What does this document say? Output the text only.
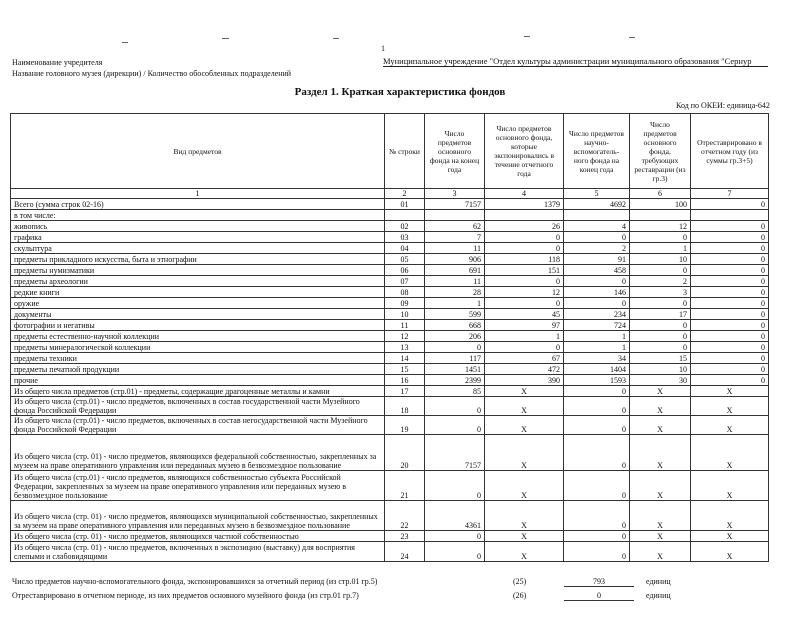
1
Наименование учредителя
Название головного музея (дирекции) / Количество обособленных подразделений
Муниципальное учреждение "Отдел культуры администрации муниципального образования "Сернур
Раздел 1. Краткая характеристика фондов
Код по ОКЕИ: единица-642
Вид предметов	№ строки	Число предметов основного фонда на конец года	Число предметов основного фонда, которые экспонировались в течение отчетного года	Число предметов научно-вспомогатель-ного фонда на конец года	Число предметов основного фонда, требующих реставрации (из гр.3)	Отреставрировано в отчетном году (из суммы гр.3+5)
1	2	3	4	5	6	7
Всего (сумма строк 02-16)	01	7157	1379	4692	100	0
в том числе:						
живопись	02	62	26	4	12	0
графика	03	7	0	0	0	0
скульптура	04	11	0	2	1	0
предметы прикладного искусства, быта и этнографии	05	906	118	91	10	0
предметы нумизматики	06	691	151	458	0	0
предметы археологии	07	11	0	0	2	0
редкие книги	08	28	12	146	3	0
оружие	09	1	0	0	0	0
документы	10	599	45	234	17	0
фотографии и негативы	11	668	97	724	0	0
предметы естественно-научной коллекции	12	206	1	1	0	0
предметы минералогической коллекции	13	0	0	1	0	0
предметы техники	14	117	67	34	15	0
предметы печатной продукции	15	1451	472	1404	10	0
прочие	16	2399	390	1593	30	0
Из общего числа предметов (стр.01) - предметы, содержащие драгоценные металлы и камни	17	85	X	0	X	X
Из общего числа (стр.01) - число предметов, включенных в состав государственной части Музейного фонда Российской Федерации	18	0	X	0	X	X
Из общего числа (стр.01) - число предметов, включенных в состав негосударственной части Музейного фонда Российской Федерации	19	0	X	0	X	X
Из общего числа (стр. 01) - число предметов, являющихся федеральной собственностью, закрепленных за музеем на праве оперативного управления или переданных музею в безвозмездное пользование	20	7157	X	0	X	X
Из общего числа (стр.01) - число предметов, являющихся собственностью субъекта Российской Федерации, закрепленных за музеем на праве оперативного управления или переданных музею в безвозмездное пользование	21	0	X	0	X	X
Из общего числа (стр. 01) - число предметов, являющихся муниципальной собственностью, закрепленных за музеем на праве оперативного управления или переданных музею в безвозмездное пользование	22	4361	X	0	X	X
Из общего числа (стр. 01) - число предметов, являющихся частной собственностью	23	0	X	0	X	X
Из общего числа (стр. 01) - число предметов, включенных в экспозицию (выставку) для восприятия слепыми и слабовидящими	24	0	X	0	X	X
Число предметов научно-вспомогательного фонда, экспонировавшихся за отчетный период (из стр.01 гр.5)	(25)	793	единиц
Отреставрировано в отчетном периоде, из них предметов основного музейного фонда (из стр.01 гр.7)	(26)	0	единиц
